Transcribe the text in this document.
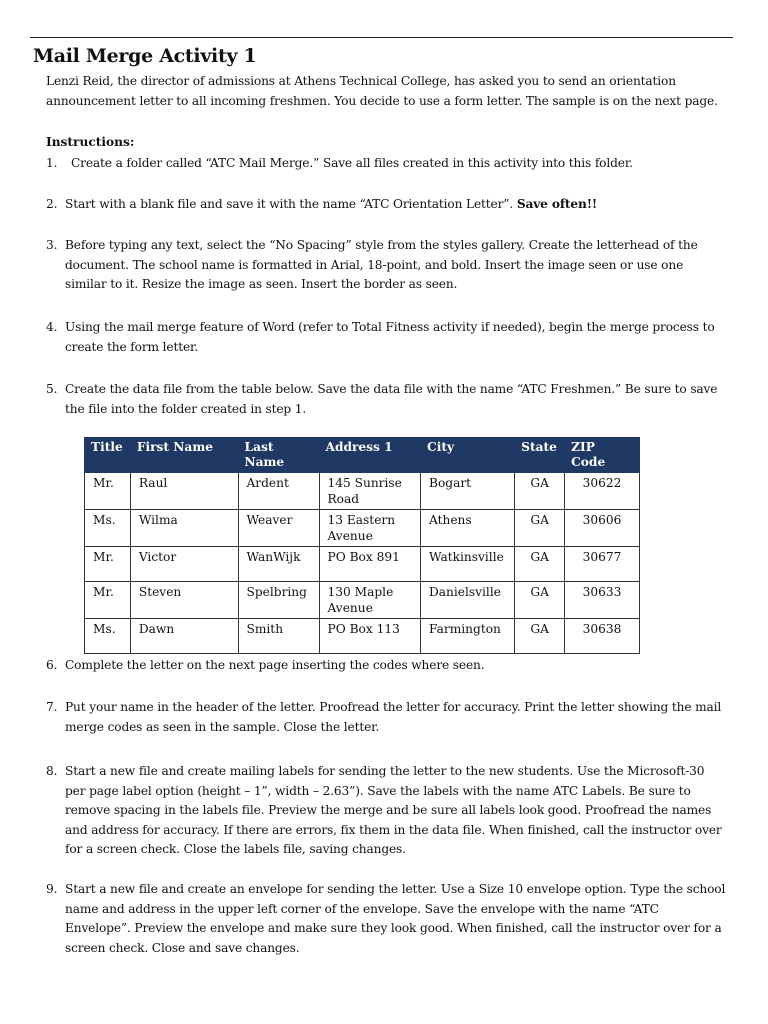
Mail Merge Activity 1

Lenzi Reid, the director of admissions at Athens Technical College, has asked you to send an orientation announcement letter to all incoming freshmen. You decide to use a form letter. The sample is on the next page.

Instructions:
1.	Create a folder called “ATC Mail Merge.” Save all files created in this activity into this folder.
2. Start with a blank file and save it with the name “ATC Orientation Letter”. Save often!!
3. Before typing any text, select the “No Spacing” style from the styles gallery. Create the letterhead of the document. The school name is formatted in Arial, 18-point, and bold. Insert the image seen or use one similar to it. Resize the image as seen. Insert the border as seen.
4. Using the mail merge feature of Word (refer to Total Fitness activity if needed), begin the merge process to create the form letter.
5. Create the data file from the table below. Save the data file with the name “ATC Freshmen.” Be sure to save the file into the folder created in step 1.
Title	First Name	Last Name	Address 1	City	State	ZIP Code
Mr.	Raul	Ardent	145 Sunrise Road	Bogart	GA	30622
Ms.	Wilma	Weaver	13 Eastern Avenue	Athens	GA	30606
Mr.	Victor	WanWijk	PO Box 891	Watkinsville	GA	30677
Mr.	Steven	Spelbring	130 Maple Avenue	Danielsville	GA	30633
Ms.	Dawn	Smith	PO Box 113	Farmington	GA	30638
6. Complete the letter on the next page inserting the codes where seen.
7. Put your name in the header of the letter. Proofread the letter for accuracy. Print the letter showing the mail merge codes as seen in the sample. Close the letter.
8. Start a new file and create mailing labels for sending the letter to the new students. Use the Microsoft-30 per page label option (height – 1”, width – 2.63”). Save the labels with the name ATC Labels. Be sure to remove spacing in the labels file. Preview the merge and be sure all labels look good. Proofread the names and address for accuracy. If there are errors, fix them in the data file. When finished, call the instructor over for a screen check. Close the labels file, saving changes.
9. Start a new file and create an envelope for sending the letter. Use a Size 10 envelope option. Type the school name and address in the upper left corner of the envelope. Save the envelope with the name “ATC Envelope”. Preview the envelope and make sure they look good. When finished, call the instructor over for a screen check. Close and save changes.
